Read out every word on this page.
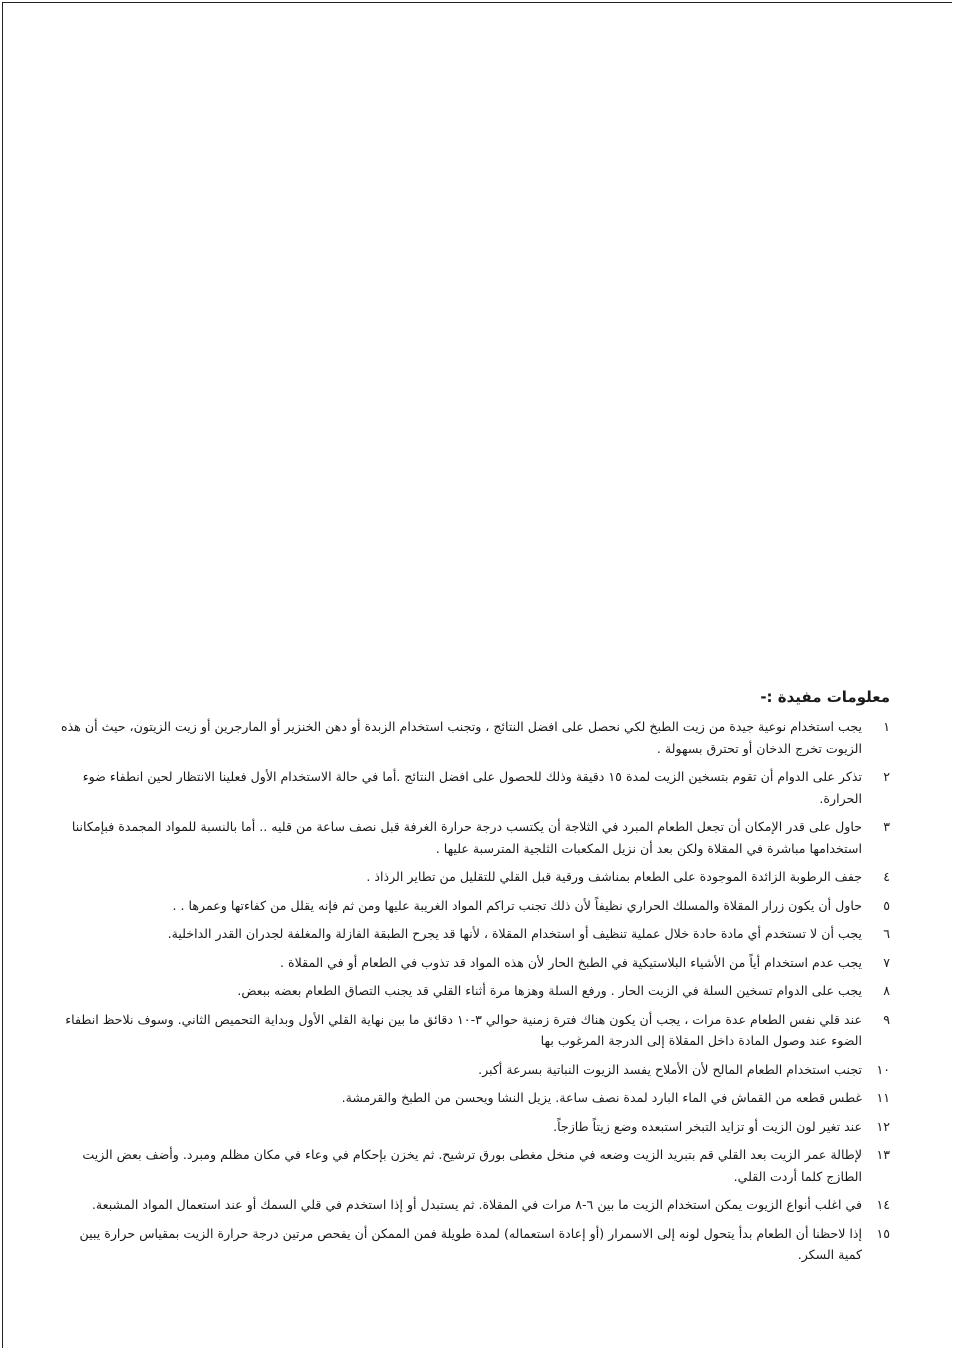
معلومات مفيدة :-
١
يجب استخدام نوعية جيدة من زيت الطبخ لكي نحصل على افضل النتائج ، وتجنب استخدام الزبدة أو دهن الخنزير أو المارجرين أو زيت الزيتون، حيث أن هذه الزيوت تخرج الدخان أو تحترق بسهولة .
٢
تذكر على الدوام أن تقوم بتسخين الزيت لمدة ١٥ دقيقة وذلك للحصول على افضل النتائج .أما في حالة الاستخدام الأول فعلينا الانتظار لحين انطفاء ضوء الحرارة.
٣
حاول على قدر الإمكان أن تجعل الطعام المبرد في الثلاجة أن يكتسب درجة حرارة الغرفة قبل نصف ساعة من قليه .. أما بالنسبة للمواد المجمدة فبإمكاننا استخدامها مباشرة في المقلاة ولكن بعد أن نزيل المكعبات الثلجية المترسبة عليها .
٤
جفف الرطوبة الزائدة الموجودة على الطعام بمناشف ورقية قبل القلي للتقليل من تطاير الرذاذ .
٥
حاول أن يكون زرار المقلاة والمسلك الحراري نظيفاً لأن ذلك تجنب تراكم المواد الغريبة عليها ومن ثم فإنه يقلل من كفاءتها وعمرها . .
٦
يجب أن لا تستخدم أي مادة حادة خلال عملية تنظيف أو استخدام المقلاة ، لأنها قد يجرح الطبقة الفازلة والمغلفة لجدران القدر الداخلية.
٧
يجب عدم استخدام أياً من الأشياء البلاستيكية في الطبخ الحار لأن هذه المواد قد تذوب في الطعام أو في المقلاة .
٨
يجب على الدوام تسخين السلة في الزيت الحار . ورفع السلة وهزها مرة أثناء القلي قد يجنب التصاق الطعام بعضه ببعض.
٩
عند قلي نفس الطعام عدة مرات ، يجب أن يكون هناك فترة زمنية حوالي ٣-١٠ دقائق ما بين نهاية القلي الأول وبداية التحميص الثاني. وسوف نلاحظ انطفاء الضوء عند وصول المادة داخل المقلاة إلى الدرجة المرغوب بها
١٠
تجنب استخدام الطعام المالح لأن الأملاح يفسد الزيوت النباتية بسرعة أكبر.
١١
غطس قطعه من القماش في الماء البارد لمدة نصف ساعة. يزيل النشا ويحسن من الطبخ والقرمشة.
١٢
عند تغير لون الزيت أو تزايد التبخر استبعده وضع زيتاً طازجاً.
١٣
لإطالة عمر الزيت بعد القلي قم بتبريد الزيت وضعه في منخل مغطى بورق ترشيح. ثم يخزن بإحكام في وعاء في مكان مظلم ومبرد. وأضف بعض الزيت الطازج كلما أردت القلي.
١٤
في اغلب أنواع الزيوت يمكن استخدام الزيت ما بين ٦-٨ مرات في المقلاة. ثم يستبدل أو إذا استخدم في قلي السمك أو عند استعمال المواد المشبعة.
١٥
إذا لاحظنا أن الطعام بدأ يتحول لونه إلى الاسمرار (أو إعادة استعماله) لمدة طويلة فمن الممكن أن يفحص مرتين درجة حرارة الزيت بمقياس حرارة يبين كمية السكر.
